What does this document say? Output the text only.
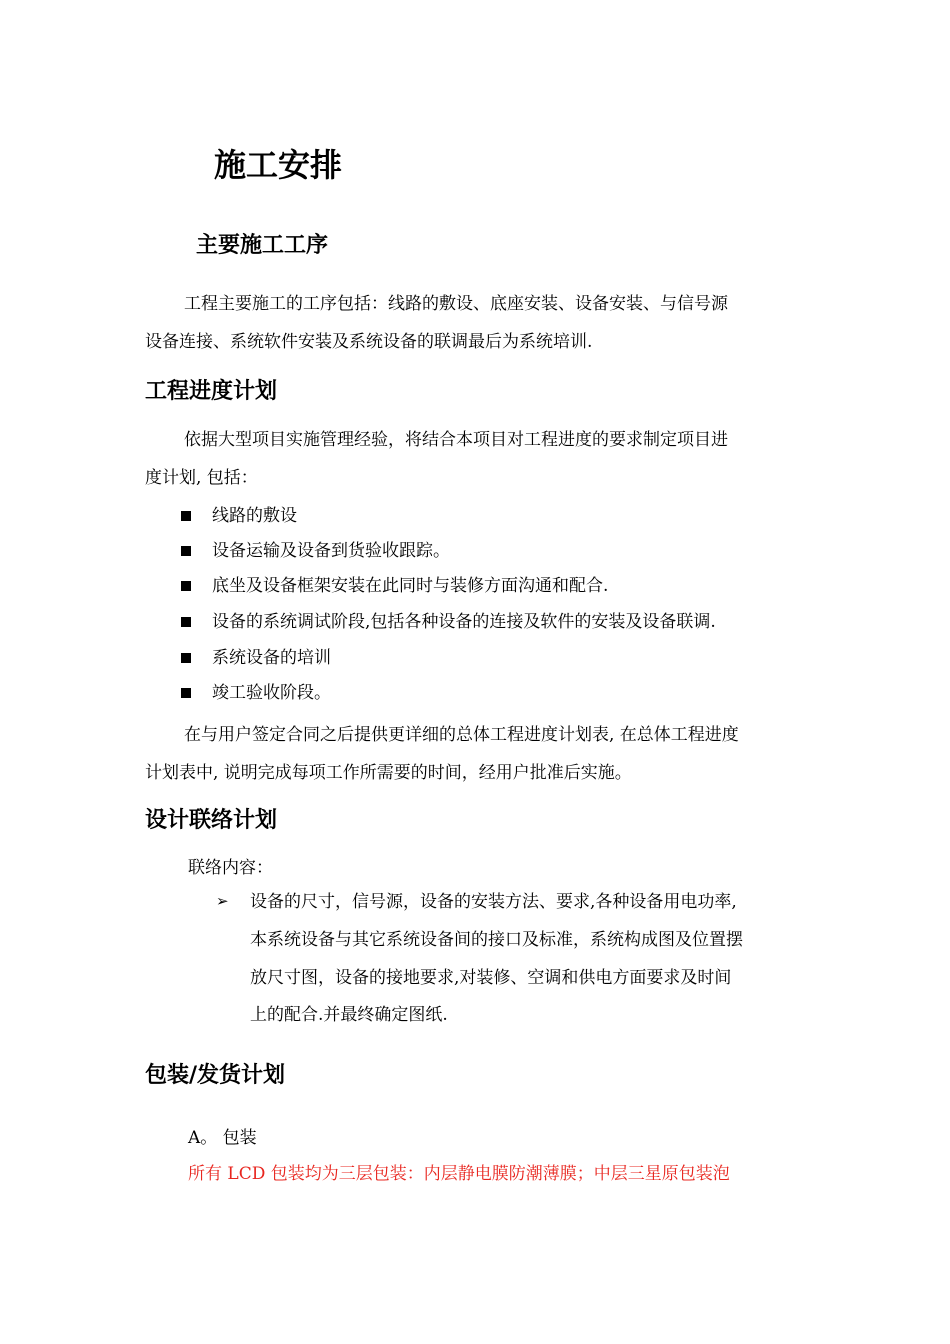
施工安排
主要施工工序
工程主要施工的工序包括：线路的敷设、底座安装、设备安装、与信号源
设备连接、系统软件安装及系统设备的联调最后为系统培训.
工程进度计划
依据大型项目实施管理经验，将结合本项目对工程进度的要求制定项目进
度计划, 包括：
线路的敷设
设备运输及设备到货验收跟踪。
底坐及设备框架安装在此同时与装修方面沟通和配合.
设备的系统调试阶段,包括各种设备的连接及软件的安装及设备联调.
系统设备的培训
竣工验收阶段。
在与用户签定合同之后提供更详细的总体工程进度计划表, 在总体工程进度
计划表中, 说明完成每项工作所需要的时间，经用户批准后实施。
设计联络计划
联络内容：
➢ 设备的尺寸，信号源，设备的安装方法、要求,各种设备用电功率,
本系统设备与其它系统设备间的接口及标准，系统构成图及位置摆
放尺寸图，设备的接地要求,对装修、空调和供电方面要求及时间
上的配合.并最终确定图纸.
包装/发货计划
A。 包装
所有 LCD 包装均为三层包装：内层静电膜防潮薄膜；中层三星原包装泡
